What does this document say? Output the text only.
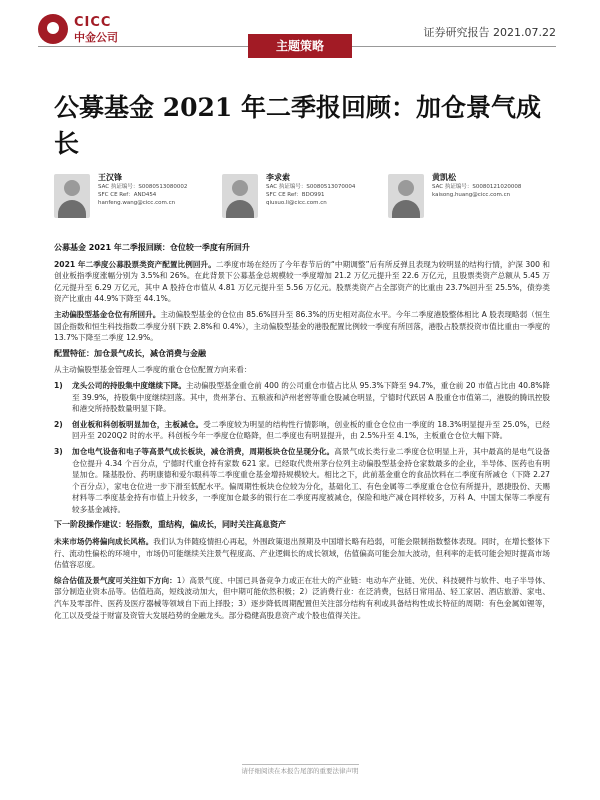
CICC
中金公司	证券研究报告 2021.07.22
主题策略
公募基金 2021 年二季报回顾：加仓景气成长
王汉锋
SAC 执证编号：S0080513080002
SFC CE Ref：AND454
hanfeng.wang@cicc.com.cn
李求索
SAC 执证编号：S0080513070004
SFC CE Ref：BDO991
qiusuo.li@cicc.com.cn
黄凯松
SAC 执证编号：S0080121020008
kaisong.huang@cicc.com.cn
公募基金 2021 年二季报回顾：仓位较一季度有所回升

2021 年二季度公募股票类资产配置比例回升。二季度市场在经历了今年春节后的“中期调整”后有所反弹且表现为较明显的结构行情，沪深 300 和创业板指季度涨幅分别为 3.5%和 26%。在此背景下公募基金总规模较一季度增加 21.2 万亿元提升至 22.6 万亿元，且股票类资产总额从 5.45 万亿元提升至 6.29 万亿元，其中 A 股持仓市值从 4.81 万亿元提升至 5.56 万亿元。股票类资产占全部资产的比重由 23.7%回升至 25.5%，债券类资产比重由 44.9%下降至 44.1%。

主动偏股型基金仓位有所回升。主动偏股型基金的仓位由 85.6%回升至 86.3%的历史相对高位水平。今年二季度港股整体相比 A 股表现略弱（恒生国企指数和恒生科技指数二季度分别下跌 2.8%和 0.4%），主动偏股型基金的港股配置比例较一季度有所回落，港股占股票投资市值比重由一季度的 13.7%下降至二季度 12.9%。

配置特征：加仓景气成长，减仓消费与金融

从主动偏股型基金管理人二季度的重仓仓位配置方向来看：

1)	龙头公司的持股集中度继续下降。主动偏股型基金重仓前 400 的公司重仓市值占比从 95.3%下降至 94.7%，重仓前 20 市值占比由 40.8%降至 39.9%，持股集中度继续回落。其中，贵州茅台、五粮液和泸州老窖等重仓股减仓明显，宁德时代跃居 A 股重仓市值第二，港股的腾讯控股和港交所持股数量明显下降。
2)	创业板和科创板明显加仓，主板减仓。受二季度较为明显的结构性行情影响，创业板的重仓仓位由一季度的 18.3%明显提升至 25.0%，已经回升至 2020Q2 时的水平。科创板今年一季度仓位略降，但二季度也有明显提升，由 2.5%升至 4.1%，主板重仓仓位大幅下降。
3)	加仓电气设备和电子等高景气成长板块，减仓消费，周期板块仓位呈现分化。高景气成长类行业二季度仓位明显上升，其中最高的是电气设备仓位提升 4.34 个百分点，宁德时代重仓持有家数 621 家。已经取代贵州茅台位列主动偏股型基金持仓家数最多的企业，半导体、医药也有明显加仓。隆基股份、药明康德和爱尔眼科等二季度重仓基金增持规模较大。相比之下，此前基金重仓的食品饮料在二季度有所减仓（下降 2.27 个百分点），家电仓位进一步下滑至低配水平。偏周期性板块仓位较为分化，基础化工、有色金属等二季度重仓仓位有所提升，恩捷股份、天赐材料等二季度基金持有市值上升较多，一季度加仓最多的银行在二季度再度被减仓，保险和地产减仓同样较多，万科 A、中国太保等二季度有较多基金减持。
下一阶段操作建议：轻指数，重结构，偏成长，同时关注高息资产

未来市场仍将偏向成长风格。我们认为伴随疫情担心再起，外围政策退出预期及中国增长略有趋弱，可能会限制指数整体表现。同时，在增长整体下行、流动性偏松的环境中，市场仍可能继续关注景气程度高、产业逻辑长的成长领域，估值偏高可能会加大波动，但利率的走低可能会短时提高市场估值容忍度。

综合估值及景气度可关注如下方向：1）高景气度、中国已具备竞争力或正在壮大的产业链：电动车产业链、光伏、科技硬件与软件、电子半导体、部分制造业资本品等。估值趋高，短线波动加大，但中期可能依然积极；2）泛消费行业：在泛消费，包括日常用品、轻工家居、酒店旅游、家电、汽车及零部件、医药及医疗器械等领域自下而上择股；3）逐步降低周期配置但关注部分结构有利或具备结构性成长特征的周期：有色金属如锂等，化工以及受益于财富及资管大发展趋势的金融龙头。部分稳健高股息资产或个股也值得关注。

请仔细阅读在本报告尾部的重要法律声明
